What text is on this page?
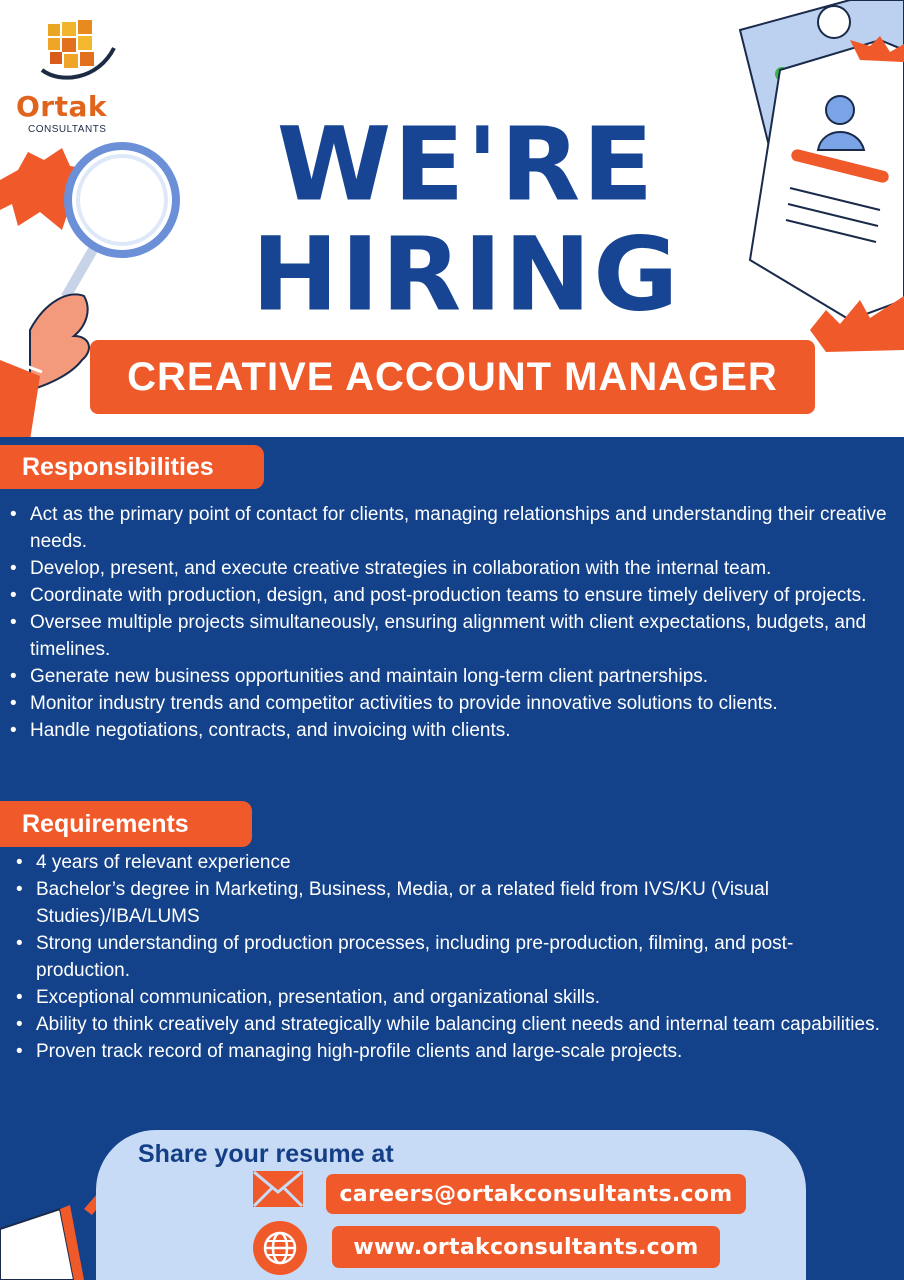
Ortak
CONSULTANTS	WE'RE
HIRING
CREATIVE ACCOUNT MANAGER
Responsibilities
• Act as the primary point of contact for clients, managing relationships and understanding their creative needs.
• Develop, present, and execute creative strategies in collaboration with the internal team.
• Coordinate with production, design, and post-production teams to ensure timely delivery of projects.
• Oversee multiple projects simultaneously, ensuring alignment with client expectations, budgets, and timelines.
• Generate new business opportunities and maintain long-term client partnerships.
• Monitor industry trends and competitor activities to provide innovative solutions to clients.
• Handle negotiations, contracts, and invoicing with clients.
Requirements
• 4 years of relevant experience
• Bachelor’s degree in Marketing, Business, Media, or a related field from IVS/KU (Visual Studies)/IBA/LUMS
• Strong understanding of production processes, including pre-production, filming, and post-production.
• Exceptional communication, presentation, and organizational skills.
• Ability to think creatively and strategically while balancing client needs and internal team capabilities.
• Proven track record of managing high-profile clients and large-scale projects.
Share your resume at
careers@ortakconsultants.com
www.ortakconsultants.com
